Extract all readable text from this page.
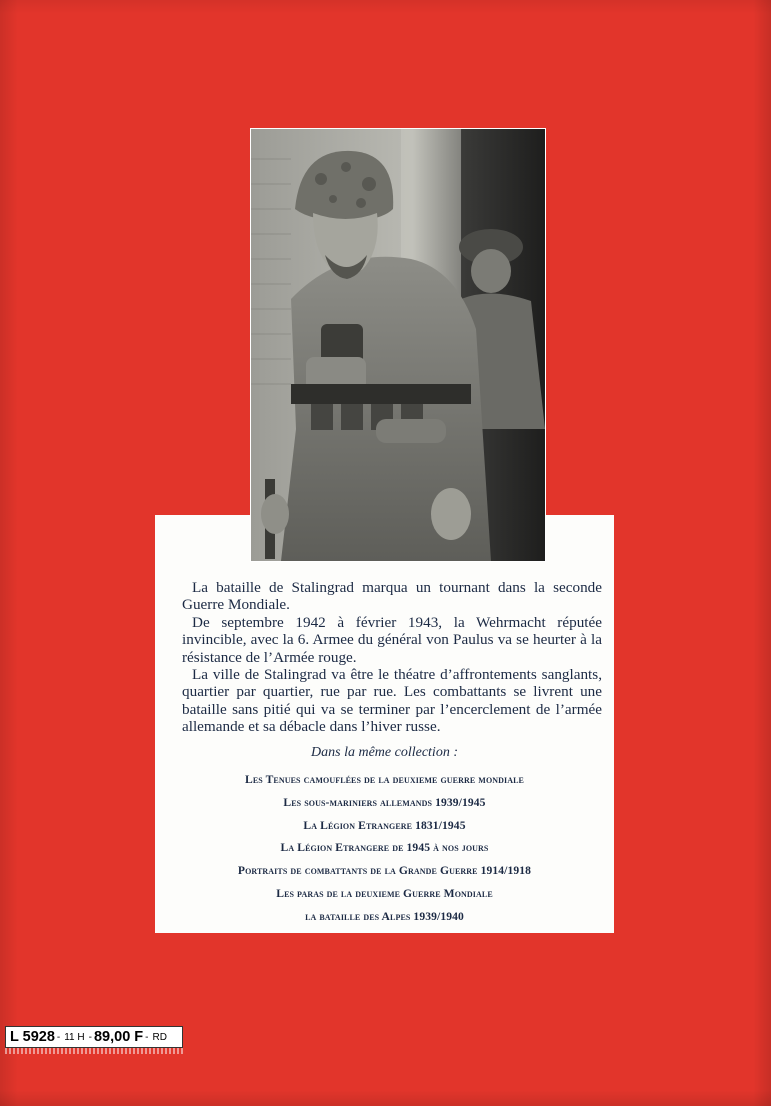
La bataille de Stalingrad marqua un tournant dans la seconde Guerre Mondiale.

De septembre 1942 à février 1943, la Wehrmacht réputée invincible, avec la 6. Armee du général von Paulus va se heurter à la résistance de l’Armée rouge.

La ville de Stalingrad va être le théatre d’affrontements sanglants, quartier par quartier, rue par rue. Les combattants se livrent une bataille sans pitié qui va se terminer par l’encerclement de l’armée allemande et sa débacle dans l’hiver russe.

Dans la même collection :
Les Tenues camouflées de la deuxieme guerre mondiale
Les sous-mariniers allemands 1939/1945
La Légion Etrangere 1831/1945
La Légion Etrangere de 1945 à nos jours
Portraits de combattants de la Grande Guerre 1914/1918
Les paras de la deuxieme Guerre Mondiale
la bataille des Alpes 1939/1940
L 5928 - 11 H - 89,00 F - RD
